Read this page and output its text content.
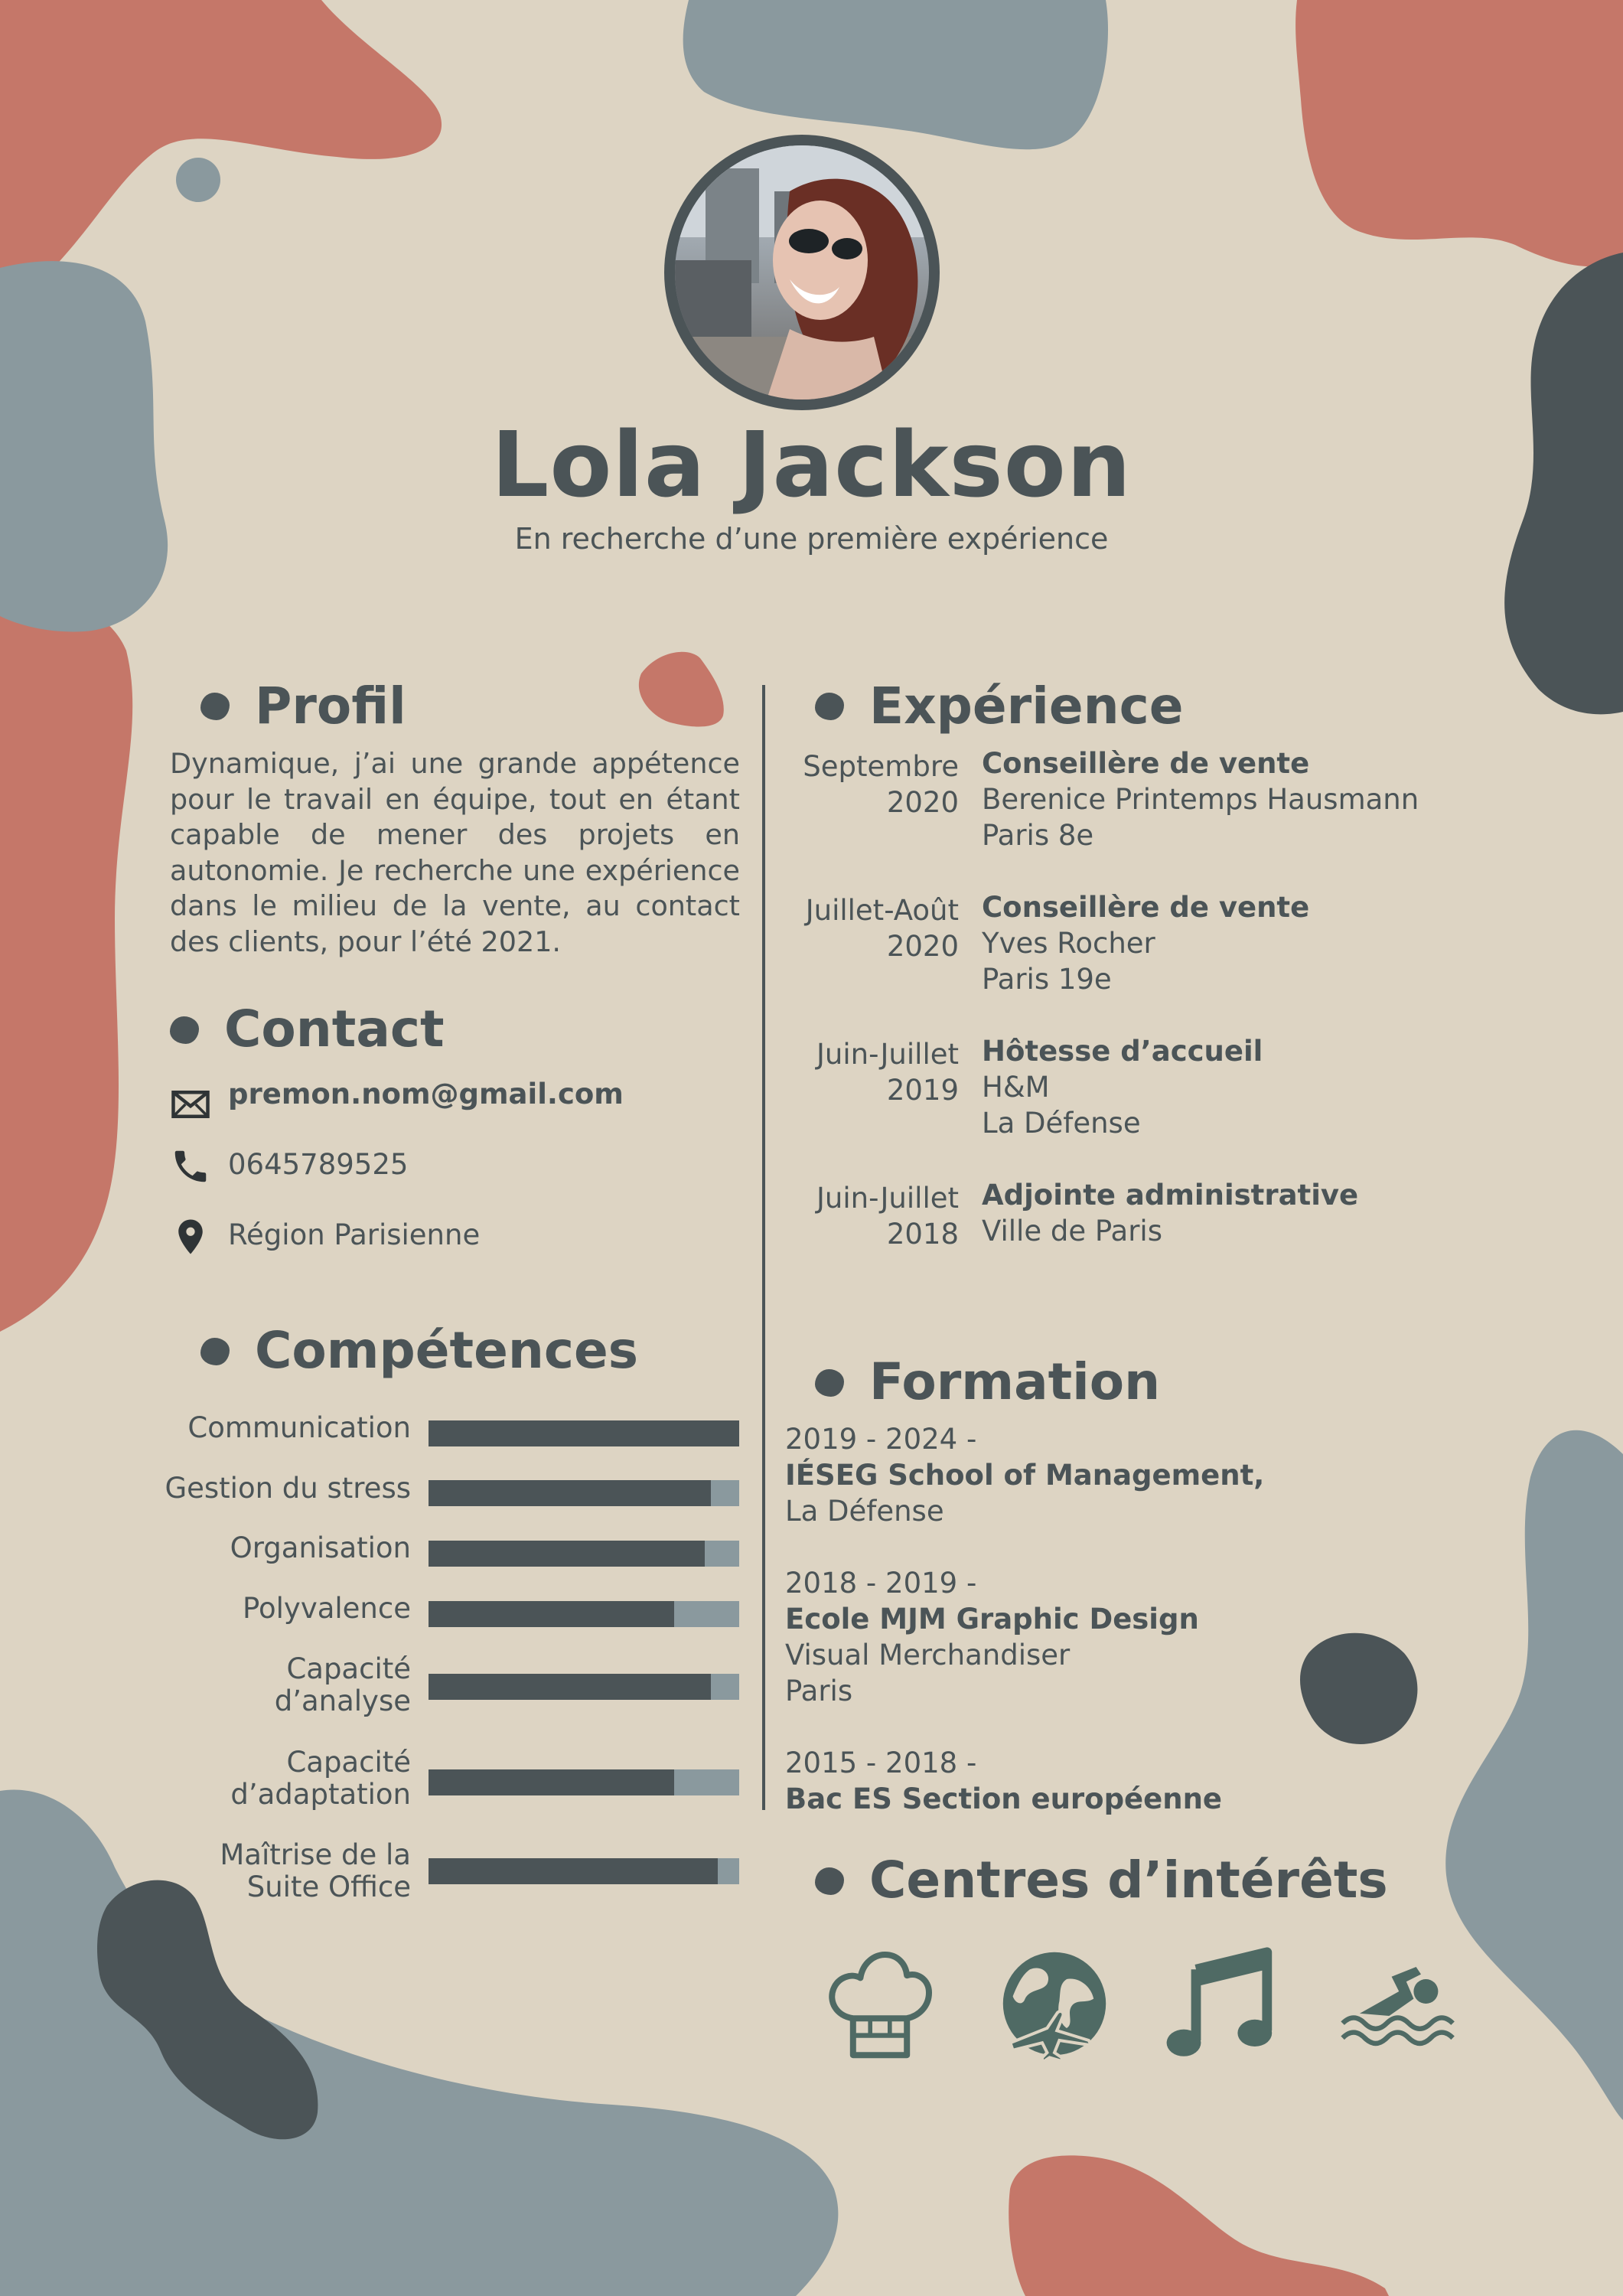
Lola Jackson
En recherche d’une première expérience
Profil
Dynamique, j’ai une grande appétence pour le travail en équipe, tout en étant capable de mener des projets en autonomie. Je recherche une expérience dans le milieu de la vente, au contact des clients, pour l’été 2021.
Contact
premon.nom@gmail.com
0645789525
Région Parisienne
Compétences
Communication
Gestion du stress
Organisation
Polyvalence
Capacité
d’analyse
Capacité
d’adaptation
Maîtrise de la
Suite Office
Expérience
Septembre
2020
Conseillère de vente
Berenice Printemps Hausmann
Paris 8e
Juillet-Août
2020
Conseillère de vente
Yves Rocher
Paris 19e
Juin-Juillet
2019
Hôtesse d’accueil
H&M
La Défense
Juin-Juillet
2018
Adjointe administrative
Ville de Paris
Formation
2019 - 2024 -
IÉSEG School of Management,
La Défense
2018 - 2019 -
Ecole MJM Graphic Design
Visual Merchandiser
Paris
2015 - 2018 -
Bac ES Section européenne
Centres d’intérêts
